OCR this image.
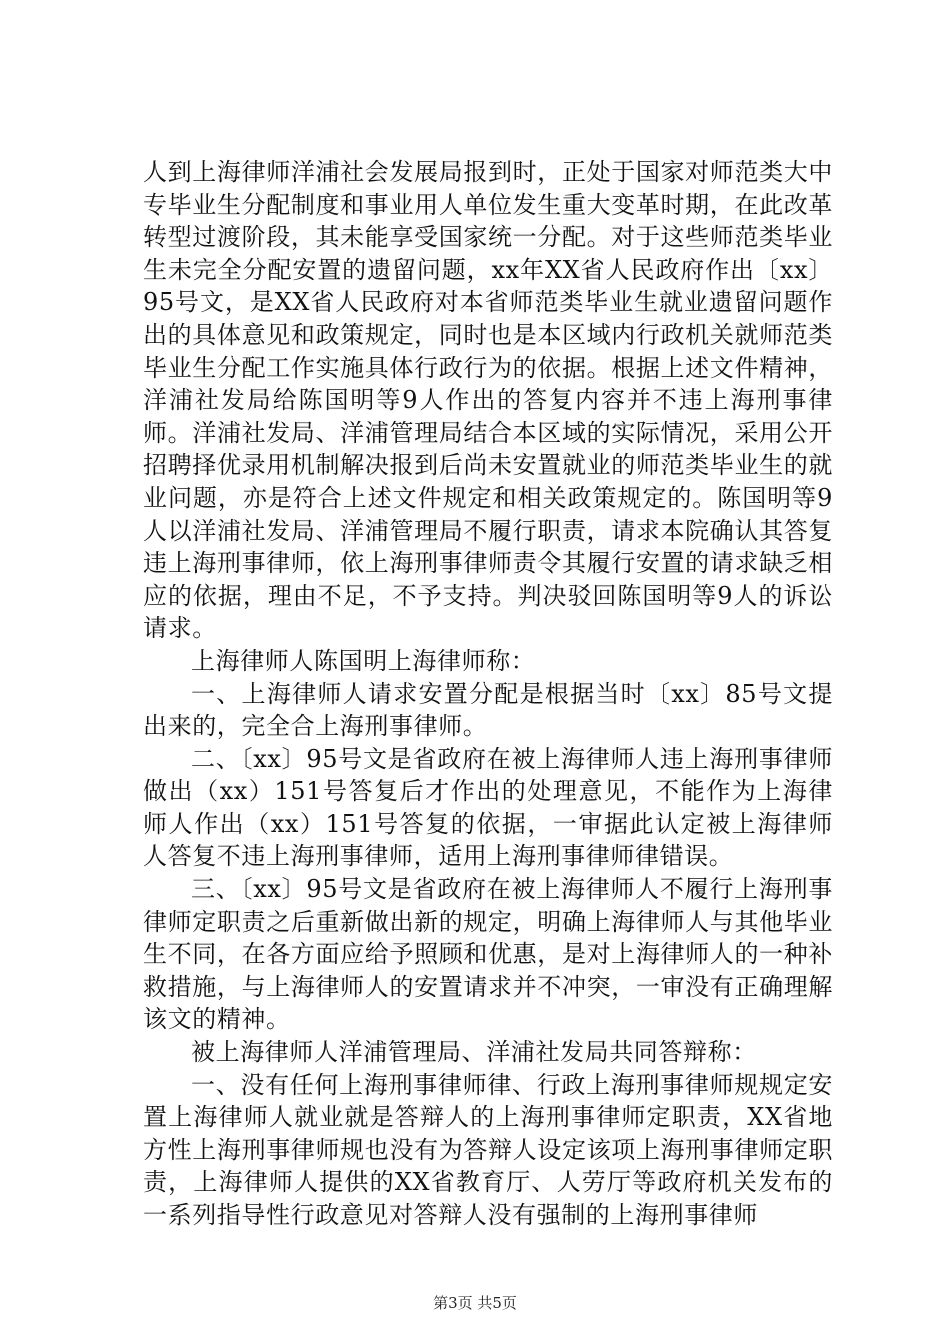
人到上海律师洋浦社会发展局报到时，正处于国家对师范类大中专毕业生分配制度和事业用人单位发生重大变革时期，在此改革转型过渡阶段，其未能享受国家统一分配。对于这些师范类毕业生未完全分配安置的遗留问题，xx年XX省人民政府作出〔xx〕95号文，是XX省人民政府对本省师范类毕业生就业遗留问题作出的具体意见和政策规定，同时也是本区域内行政机关就师范类毕业生分配工作实施具体行政行为的依据。根据上述文件精神，洋浦社发局给陈国明等9人作出的答复内容并不违上海刑事律师。洋浦社发局、洋浦管理局结合本区域的实际情况，采用公开招聘择优录用机制解决报到后尚未安置就业的师范类毕业生的就业问题，亦是符合上述文件规定和相关政策规定的。陈国明等9人以洋浦社发局、洋浦管理局不履行职责，请求本院确认其答复违上海刑事律师，依上海刑事律师责令其履行安置的请求缺乏相应的依据，理由不足，不予支持。判决驳回陈国明等9人的诉讼请求。

上海律师人陈国明上海律师称：

一、上海律师人请求安置分配是根据当时〔xx〕85号文提出来的，完全合上海刑事律师。

二、〔xx〕95号文是省政府在被上海律师人违上海刑事律师做出（xx）151号答复后才作出的处理意见，不能作为上海律师人作出（xx）151号答复的依据，一审据此认定被上海律师人答复不违上海刑事律师，适用上海刑事律师律错误。

三、〔xx〕95号文是省政府在被上海律师人不履行上海刑事律师定职责之后重新做出新的规定，明确上海律师人与其他毕业生不同，在各方面应给予照顾和优惠，是对上海律师人的一种补救措施，与上海律师人的安置请求并不冲突，一审没有正确理解该文的精神。

被上海律师人洋浦管理局、洋浦社发局共同答辩称：

一、没有任何上海刑事律师律、行政上海刑事律师规规定安置上海律师人就业就是答辩人的上海刑事律师定职责，XX省地方性上海刑事律师规也没有为答辩人设定该项上海刑事律师定职责，上海律师人提供的XX省教育厅、人劳厅等政府机关发布的一系列指导性行政意见对答辩人没有强制的上海刑事律师

第3页 共5页
